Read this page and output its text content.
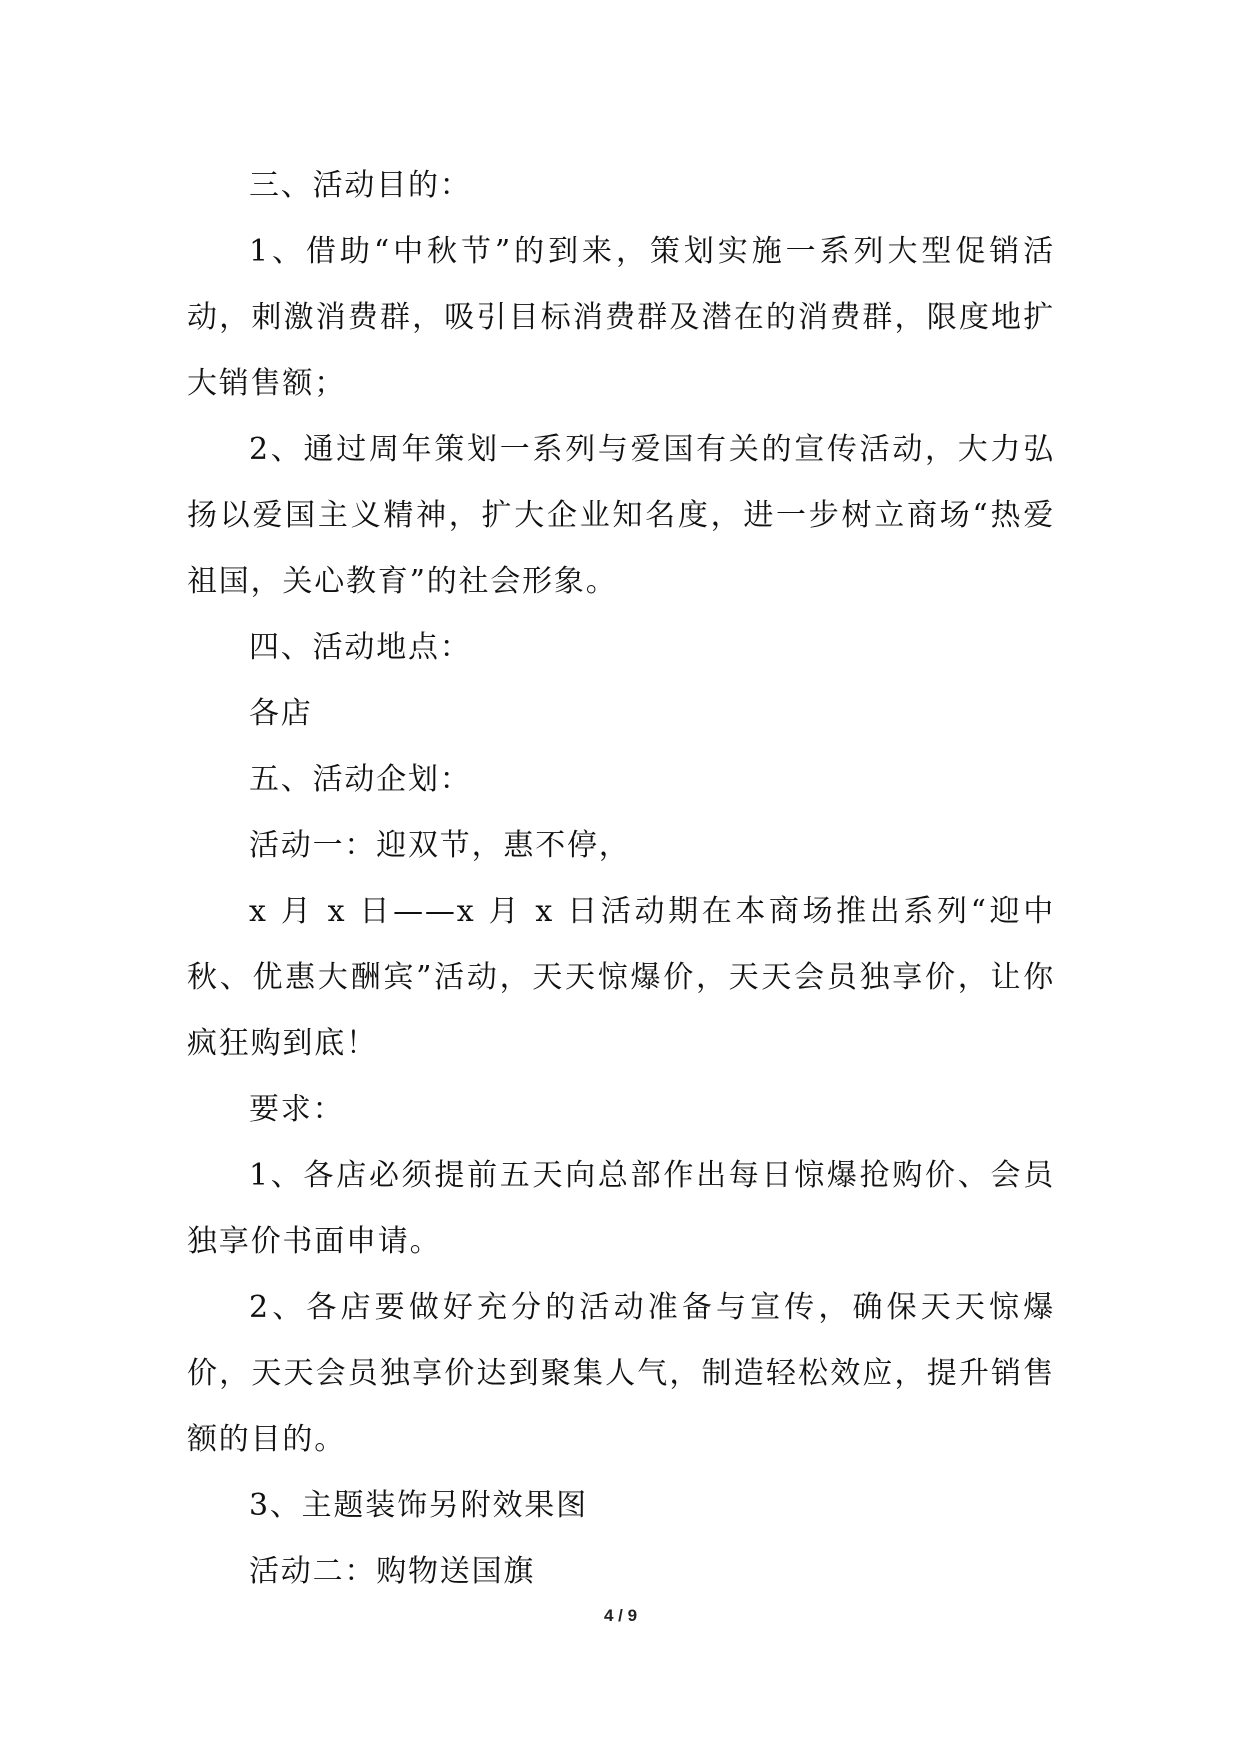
三、活动目的：

1、借助“中秋节”的到来，策划实施一系列大型促销活动，刺激消费群，吸引目标消费群及潜在的消费群，限度地扩大销售额；

2、通过周年策划一系列与爱国有关的宣传活动，大力弘扬以爱国主义精神，扩大企业知名度，进一步树立商场“热爱祖国，关心教育”的社会形象。

四、活动地点：

各店

五、活动企划：

活动一：迎双节，惠不停，

x 月 x 日——x 月 x 日活动期在本商场推出系列“迎中秋、优惠大酬宾”活动，天天惊爆价，天天会员独享价，让你疯狂购到底！

要求：

1、各店必须提前五天向总部作出每日惊爆抢购价、会员独享价书面申请。

2、各店要做好充分的活动准备与宣传，确保天天惊爆价，天天会员独享价达到聚集人气，制造轻松效应，提升销售额的目的。

3、主题装饰另附效果图

活动二：购物送国旗

4 / 9
